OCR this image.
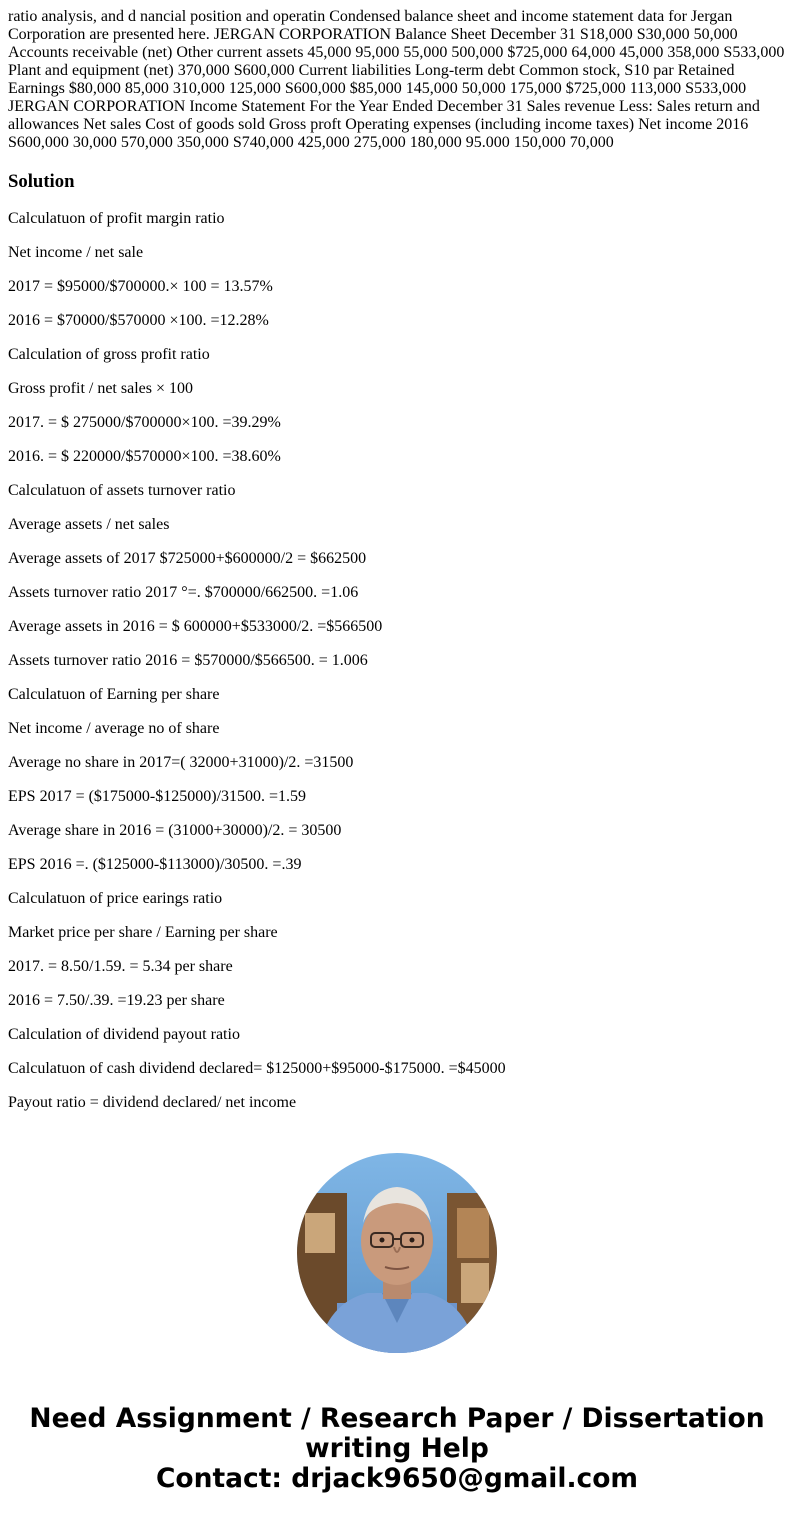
ratio analysis, and d nancial position and operatin Condensed balance sheet and income statement data for Jergan Corporation are presented here. JERGAN CORPORATION Balance Sheet December 31 S18,000 S30,000 50,000 Accounts receivable (net) Other current assets 45,000 95,000 55,000 500,000 $725,000 64,000 45,000 358,000 S533,000 Plant and equipment (net) 370,000 S600,000 Current liabilities Long-term debt Common stock, S10 par Retained Earnings $80,000 85,000 310,000 125,000 S600,000 $85,000 145,000 50,000 175,000 $725,000 113,000 S533,000 JERGAN CORPORATION Income Statement For the Year Ended December 31 Sales revenue Less: Sales return and allowances Net sales Cost of goods sold Gross proft Operating expenses (including income taxes) Net income 2016 S600,000 30,000 570,000 350,000 S740,000 425,000 275,000 180,000 95.000 150,000 70,000

Solution

Calculatuon of profit margin ratio

Net income / net sale

2017 = $95000/$700000.× 100 = 13.57%

2016 = $70000/$570000 ×100. =12.28%

Calculation of gross profit ratio

Gross profit / net sales × 100

2017. = $ 275000/$700000×100. =39.29%

2016. = $ 220000/$570000×100. =38.60%

Calculatuon of assets turnover ratio

Average assets / net sales

Average assets of 2017 $725000+$600000/2 = $662500

Assets turnover ratio 2017 °=. $700000/662500. =1.06

Average assets in 2016 = $ 600000+$533000/2. =$566500

Assets turnover ratio 2016 = $570000/$566500. = 1.006

Calculatuon of Earning per share

Net income / average no of share

Average no share in 2017=( 32000+31000)/2. =31500

EPS 2017 = ($175000-$125000)/31500. =1.59

Average share in 2016 = (31000+30000)/2. = 30500

EPS 2016 =. ($125000-$113000)/30500. =.39

Calculatuon of price earings ratio

Market price per share / Earning per share

2017. = 8.50/1.59. = 5.34 per share

2016 = 7.50/.39. =19.23 per share

Calculation of dividend payout ratio

Calculatuon of cash dividend declared= $125000+$95000-$175000. =$45000

Payout ratio = dividend declared/ net income

Need Assignment / Research Paper / Dissertation
writing Help
Contact: drjack9650@gmail.com
